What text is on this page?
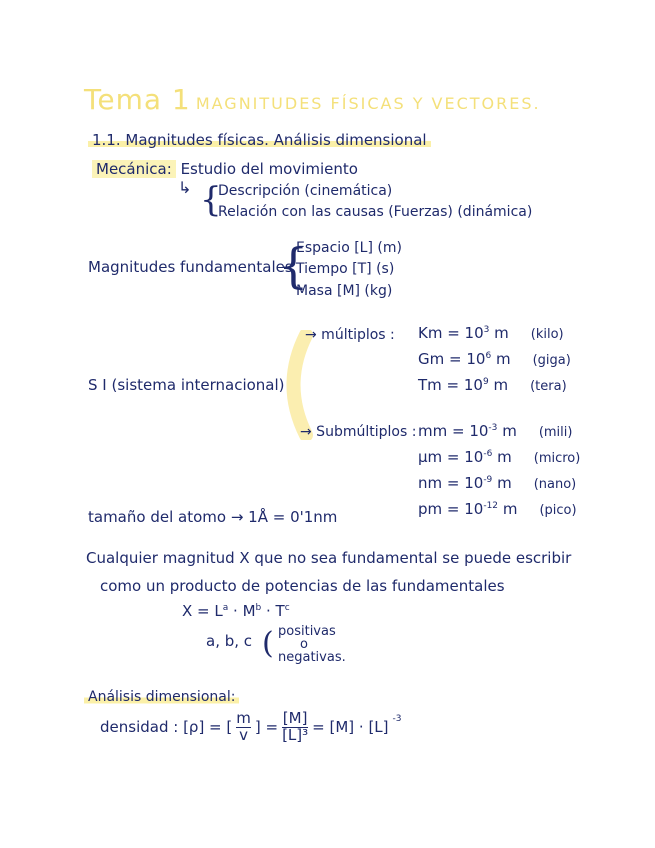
Tema 1 MAGNITUDES FÍSICAS Y VECTORES.
1.1. Magnitudes físicas. Análisis dimensional
Mecánica: Estudio del movimiento
↳ {
Descripción (cinemática)
Relación con las causas (Fuerzas) (dinámica)
Magnitudes fundamentales
{
Espacio [L] (m)
Tiempo [T] (s)
Masa [M] (kg)
S I (sistema internacional)
→ múltiplos : $Km = 10^3$ m (kilo)
$Gm = 10^6$ m (giga)
$Tm = 10^9$ m (tera)
→ Submúltiplos : mm = $10^{-3}$ m (mili)
$\mu m = 10^{-6}$ m (micro)
nm = $10^{-9}$ m (nano)
pm = $10^{-12}$ m (pico)
tamaño del atomo → 1Å = 0'1nm
Cualquier magnitud X que no sea fundamental se puede escribir
como un producto de potencias de las fundamentales
$X = L^a \cdot M^b \cdot T^c$
a, b, c ( positivas
o
negativas.
Análisis dimensional:
densidad : [ρ] = [ $\frac{m}{v}$ ] = $\frac{[M]}{\text{[L]³}} = [M] \cdot [L]$ $^{-3}$
